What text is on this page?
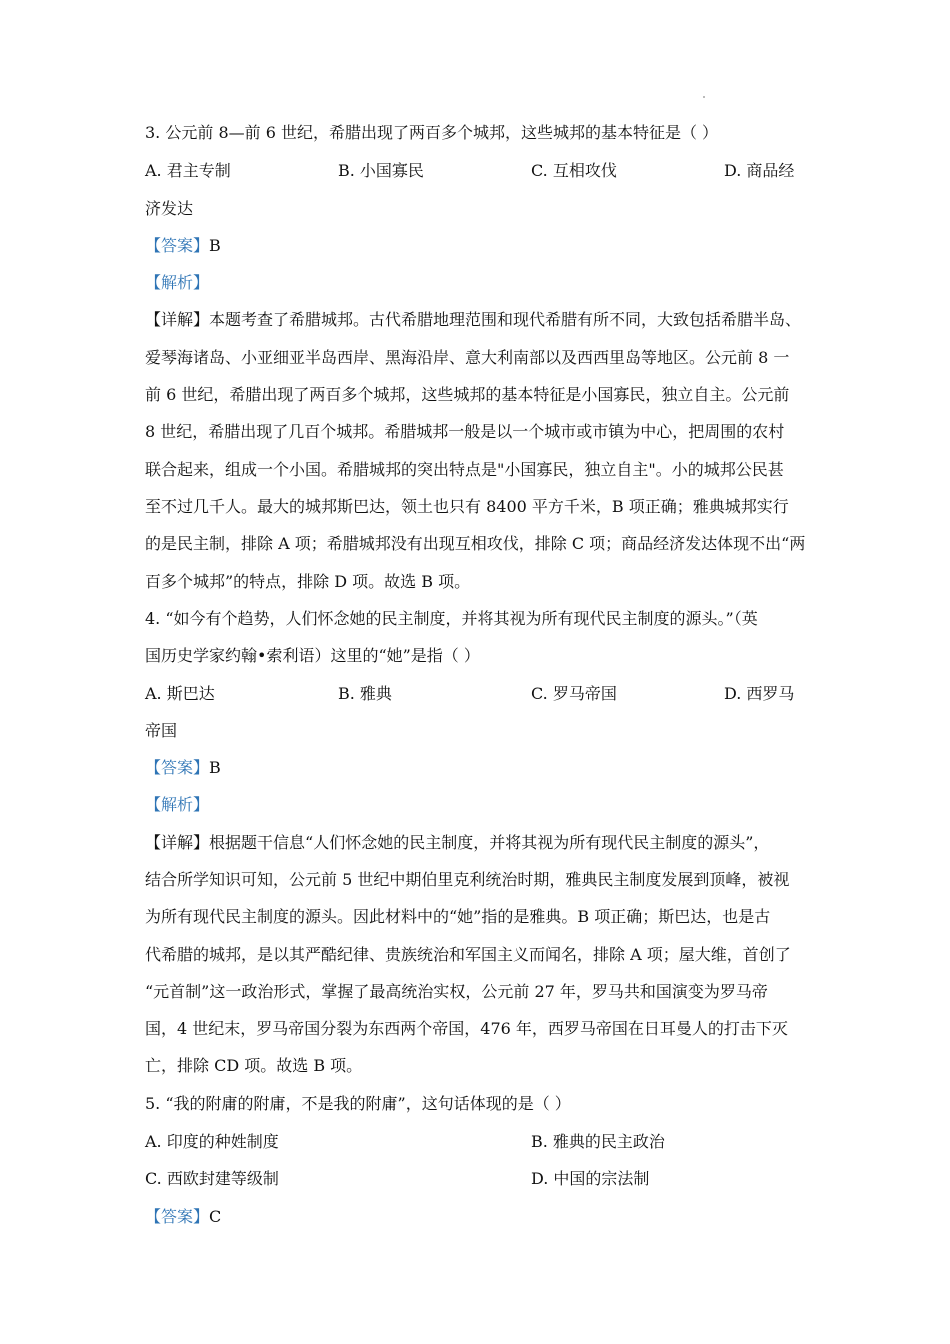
3. 公元前 8—前 6 世纪，希腊出现了两百多个城邦，这些城邦的基本特征是（ ）
A. 君主专制	B. 小国寡民	C. 互相攻伐	D. 商品经
济发达
【答案】B
【解析】
【详解】本题考查了希腊城邦。古代希腊地理范围和现代希腊有所不同，大致包括希腊半岛、
爱琴海诸岛、小亚细亚半岛西岸、黑海沿岸、意大利南部以及西西里岛等地区。公元前 8 一
前 6 世纪，希腊出现了两百多个城邦，这些城邦的基本特征是小国寡民，独立自主。公元前
8 世纪，希腊出现了几百个城邦。希腊城邦一般是以一个城市或市镇为中心，把周围的农村
联合起来，组成一个小国。希腊城邦的突出特点是"小国寡民，独立自主"。小的城邦公民甚
至不过几千人。最大的城邦斯巴达，领土也只有 8400 平方千米，B 项正确；雅典城邦实行
的是民主制，排除 A 项；希腊城邦没有出现互相攻伐，排除 C 项；商品经济发达体现不出“两
百多个城邦”的特点，排除 D 项。故选 B 项。
4. “如今有个趋势，人们怀念她的民主制度，并将其视为所有现代民主制度的源头。”（英
国历史学家约翰•索利语）这里的“她”是指（ ）
A. 斯巴达	B. 雅典	C. 罗马帝国	D. 西罗马
帝国
【答案】B
【解析】
【详解】根据题干信息“人们怀念她的民主制度，并将其视为所有现代民主制度的源头”，
结合所学知识可知，公元前 5 世纪中期伯里克利统治时期，雅典民主制度发展到顶峰，被视
为所有现代民主制度的源头。因此材料中的“她”指的是雅典。B 项正确；斯巴达，也是古
代希腊的城邦，是以其严酷纪律、贵族统治和军国主义而闻名，排除 A 项；屋大维，首创了
“元首制”这一政治形式，掌握了最高统治实权，公元前 27 年，罗马共和国演变为罗马帝
国，4 世纪末，罗马帝国分裂为东西两个帝国，476 年，西罗马帝国在日耳曼人的打击下灭
亡，排除 CD 项。故选 B 项。
5. “我的附庸的附庸，不是我的附庸”，这句话体现的是（ ）
A. 印度的种姓制度	B. 雅典的民主政治
C. 西欧封建等级制	D. 中国的宗法制
【答案】C
